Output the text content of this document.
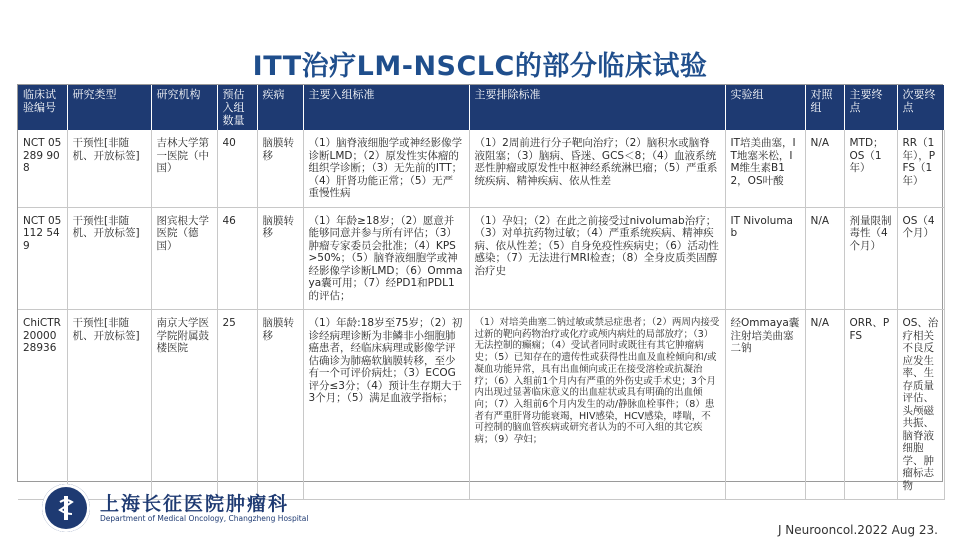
ITT治疗LM-NSCLC的部分临床试验
临床试验编号	研究类型	研究机构	预估入组数量	疾病	主要入组标准	主要排除标准	实验组	对照组	主要终点	次要终点
NCT 05289 908	干预性[非随机、开放标签]	吉林大学第一医院（中国）	40	脑膜转移	（1）脑脊液细胞学或神经影像学诊断LMD；（2）原发性实体瘤的组织学诊断；（3）无先前的ITT；（4）肝肾功能正常；（5）无严重慢性病	（1）2周前进行分子靶向治疗；（2）脑积水或脑脊液阻塞；（3）脑病、昏迷、GCS＜8；（4）血液系统恶性肿瘤或原发性中枢神经系统淋巴瘤；（5）严重系统疾病、精神疾病、依从性差	IT培美曲塞，IT地塞米松，IM维生素B12，OS叶酸	N/A	MTD；OS（1年）	RR（1年），PFS（1年）
NCT 05112 549	干预性[非随机、开放标签]	图宾根大学医院（德国）	46	脑膜转移	（1）年龄≥18岁；（2）愿意并能够同意并参与所有评估；（3）肿瘤专家委员会批准；（4）KPS>50%；（5）脑脊液细胞学或神经影像学诊断LMD；（6）Ommaya囊可用；（7）经PD1和PDL1的评估；	（1）孕妇；（2）在此之前接受过nivolumab治疗；（3）对单抗药物过敏；（4）严重系统疾病、精神疾病、依从性差；（5）自身免疫性疾病史；（6）活动性感染；（7）无法进行MRI检查；（8）全身皮质类固醇治疗史	IT Nivolumab	N/A	剂量限制毒性（4个月）	OS（4个月）
ChiCTR 20000 28936	干预性[非随机、开放标签]	南京大学医学院附属鼓楼医院	25	脑膜转移	（1）年龄:18岁至75岁；（2）初诊经病理诊断为非鳞非小细胞肺癌患者，经临床病理或影像学评估确诊为肺癌软脑膜转移，至少有一个可评价病灶；（3）ECOG评分≤3分；（4）预计生存期大于3个月；（5）满足血液学指标；	（1）对培美曲塞二钠过敏或禁忌症患者；（2）两周内接受过新的靶向药物治疗或化疗或颅内病灶的局部放疗；（3）无法控制的癫痫；（4）受试者同时或既往有其它肿瘤病史；（5）已知存在的遗传性或获得性出血及血栓倾向和/或凝血功能异常，具有出血倾向或正在接受溶栓或抗凝治疗；（6）入组前1个月内有严重的外伤史或手术史；3个月内出现过显著临床意义的出血症状或具有明确的出血倾向；（7）入组前6个月内发生的动/静脉血栓事件；（8）患者有严重肝肾功能衰竭，HIV感染，HCV感染，哮喘，不可控制的脑血管疾病或研究者认为的不可入组的其它疾病；（9）孕妇；	经Ommaya囊注射培美曲塞二钠	N/A	ORR、PFS	OS、治疗相关不良反应发生率、生存质量评估、头颅磁共振、脑脊液细胞学、肿瘤标志物
上海长征医院肿瘤科
Department of Medical Oncology, Changzheng Hospital
J Neurooncol.2022 Aug 23.
